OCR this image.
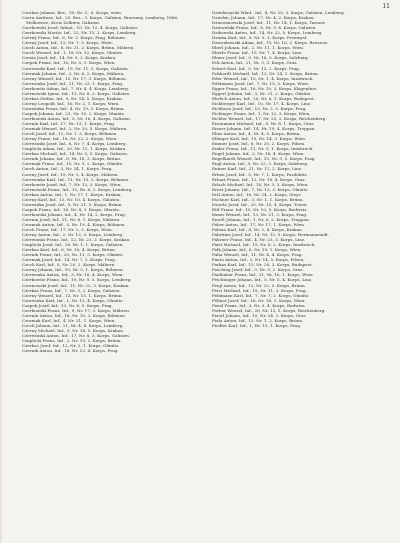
11

Czerkas Johann, Bez., 18, Nr. 3., 6. Korps, wien.

Czern Andreas, Inf., 20. Bez., 3. Korps, Galizien, Brzesany, Lemberg, 1866, Melkowice, Kreis Zolkiew, Galizien.

Czerkowski Josef, Infant., 10, Nr. 12, 4. Korps, Galizien.

Czerkowski Moritz, Inf., 22, Nr. 15, 3. Korps, Lemberg.

Czerný Franz, Inf., 6, Nr. 2. Korps, Prag, Böhmen.

Czerný Josef, Inf., 12, Nr. 7, 3. Korps, Wien.

Czech Anton, Inf., 8, Nr. 21, 2. Korps, Brünn, Mähren.

Czech Wenzel, Inf., 1, 18, Nr. 12, Korps, Olmütz.

Czeiza Josef, Inf., 14, Nr. 9, 2. Korps, Krakau.

Czepek Franz, Inf., 10, Nr. 5, 1. Korps, Wien.

Czerwinski Karl, Inf., 19, Nr. 11, 5. Korps, Galizien.

Czermak Johann, Inf., 3, Nr. 6, 2. Korps, Mähren.

Czerny Wenzel, Inf., 15, Nr. 17, 3. Korps, Böhmen.

Czerwenka Josef, Inf., 11, Nr. 23, 1. Korps, Prag.

Czerkowitz Adam, Inf., 7, Nr. 4, 4. Korps, Lemberg.

Czernowski Ignaz, Inf., 13, Nr. 8, 2. Korps, Galizien.

Czerkas Stefan, Inf., 9, Nr. 14, 5. Korps, Krakau.

Czerny Leopold, Inf., 16, Nr. 2, 1. Korps, Wien.

Czerwinka Franz, Inf., 4, Nr. 19, 3. Korps, Brünn.

Czapek Johann, Inf., 21, Nr. 10, 2. Korps, Olmütz.

Czerkowski Anton, Inf., 5, Nr. 16, 4. Korps, Galizien.

Czernin Karl, Inf., 17, Nr. 13, 1. Korps, Prag.

Czermak Wenzel, Inf., 2, Nr. 20, 5. Korps, Mähren.

Czech Josef, Inf., 12, Nr. 1, 3. Korps, Böhmen.

Czerny Franz, Inf., 18, Nr. 22, 2. Korps, Wien.

Czerwinski Josef, Inf., 6, Nr. 7, 4. Korps, Lemberg.

Czaplicki Adam, Inf., 20, Nr. 11, 1. Korps, Krakau.

Czerkas Michael, Inf., 14, Nr. 5, 5. Korps, Galizien.

Czernik Johann, Inf., 8, Nr. 18, 3. Korps, Brünn.

Czermak Franz, Inf., 10, Nr. 9, 2. Korps, Olmütz.

Czech Anton, Inf., 3, Nr. 24, 1. Korps, Prag.

Czerny Josef, Inf., 19, Nr. 3, 4. Korps, Mähren.

Czerwenka Karl, Inf., 11, Nr. 15, 5. Korps, Böhmen.

Czerkowitz Josef, Inf., 7, Nr. 12, 3. Korps, Wien.

Czernowski Franz, Inf., 15, Nr. 6, 2. Korps, Lemberg.

Czerkas Anton, Inf., 1, Nr. 17, 1. Korps, Krakau.

Czerny Karl, Inf., 13, Nr. 10, 4. Korps, Galizien.

Czerwinka Josef, Inf., 9, Nr. 21, 5. Korps, Brünn.

Czapek Franz, Inf., 16, Nr. 4, 3. Korps, Olmütz.

Czerkowski Johann, Inf., 4, Nr. 14, 2. Korps, Prag.

Czernin Josef, Inf., 21, Nr. 8, 1. Korps, Mähren.

Czermak Anton, Inf., 5, Nr. 19, 4. Korps, Böhmen.

Czech Franz, Inf., 17, Nr. 2, 5. Korps, Wien.

Czerny Anton, Inf., 2, Nr. 13, 3. Korps, Lemberg.

Czerwinski Franz, Inf., 12, Nr. 23, 2. Korps, Krakau.

Czaplicki Josef, Inf., 18, Nr. 1, 1. Korps, Galizien.

Czerkas Karl, Inf., 6, Nr. 16, 4. Korps, Brünn.

Czernik Franz, Inf., 20, Nr. 11, 5. Korps, Olmütz.

Czermak Josef, Inf., 14, Nr. 7, 3. Korps, Prag.

Czech Karl, Inf., 8, Nr. 20, 2. Korps, Mähren.

Czerny Johann, Inf., 10, Nr. 5, 1. Korps, Böhmen.

Czerwenka Anton, Inf., 3, Nr. 18, 4. Korps, Wien.

Czerkowitz Franz, Inf., 19, Nr. 9, 5. Korps, Lemberg.

Czernowski Josef, Inf., 11, Nr. 22, 3. Korps, Krakau.

Czerkas Franz, Inf., 7, Nr. 3, 2. Korps, Galizien.

Czerny Wenzel, Inf., 15, Nr. 15, 1. Korps, Brünn.

Czerwinka Karl, Inf., 1, Nr. 12, 4. Korps, Olmütz.

Czapek Josef, Inf., 13, Nr. 6, 5. Korps, Prag.

Czerkowski Franz, Inf., 9, Nr. 17, 3. Korps, Mähren.

Czernin Anton, Inf., 16, Nr. 10, 2. Korps, Böhmen.

Czermak Karl, Inf., 4, Nr. 21, 1. Korps, Wien.

Czech Johann, Inf., 21, Nr. 4, 4. Korps, Lemberg.

Czerny Michael, Inf., 5, Nr. 14, 5. Korps, Krakau.

Czerwinski Anton, Inf., 17, Nr. 8, 3. Korps, Galizien.

Czaplicki Franz, Inf., 2, Nr. 19, 2. Korps, Brünn.

Czerkas Josef, Inf., 12, Nr. 2, 1. Korps, Olmütz.

Czernik Anton, Inf., 18, Nr. 13, 4. Korps, Prag.

Dzieduszycki Wlad., Inf., 4, Nr. 20, 3. Korps, Galizien, Lemberg.

Dziedzic Johann, Inf., 17, Nr. 4, 2. Korps, Krakau.

Dzierzanowski Josef, Inf., 11, Nr. 14, 1. Korps, Tarnow.

Dziewulski Franz, Inf., 8, Nr. 9, 4. Korps, Galizien.

Dzikowski Anton, Inf., 14, Nr. 22, 5. Korps, Lemberg.

Dziuba Karl, Inf., 6, Nr. 5, 3. Korps, Przemysl.

Dzwonkowski Adam, Inf., 19, Nr. 16, 2. Korps, Rzeszow.

Eberl Johann, Inf., 2, Nr. 11, 1. Korps, Wien.

Eberle Franz, Inf., 15, Nr. 7, 4. Korps, Linz.

Ebner Josef, Inf., 9, Nr. 18, 5. Korps, Salzburg.

Eck Anton, Inf., 21, Nr. 3, 3. Korps, Graz.

Eckert Karl, Inf., 5, Nr. 13, 2. Korps, Prag.

Eckhardt Michael, Inf., 12, Nr. 24, 1. Korps, Brünn.

Eder Wenzel, Inf., 18, Nr. 1, 4. Korps, Innsbruck.

Edelmann Josef, Inf., 7, Nr. 15, 5. Korps, Wien.

Egger Franz, Inf., 16, Nr. 10, 3. Korps, Klagenfurt.

Eggert Johann, Inf., 3, Nr. 21, 2. Korps, Olmütz.

Ehrlich Anton, Inf., 20, Nr. 6, 1. Korps, Budapest.

Eichberger Karl, Inf., 10, Nr. 17, 4. Korps, Linz.

Eichhorn Josef, Inf., 13, Nr. 2, 5. Korps, Prag.

Eichinger Franz, Inf., 1, Nr. 12, 3. Korps, Wien.

Eichler Wenzel, Inf., 17, Nr. 23, 2. Korps, Reichenberg.

Eisenmann Michael, Inf., 8, Nr. 8, 1. Korps, Graz.

Eisner Johann, Inf., 14, Nr. 19, 4. Korps, Troppau.

Elias Anton, Inf., 4, Nr. 4, 5. Korps, Brünn.

Ellinger Karl, Inf., 19, Nr. 14, 3. Korps, Wien.

Emmer Josef, Inf., 6, Nr. 20, 2. Korps, Pilsen.

Ender Franz, Inf., 11, Nr. 9, 1. Korps, Innsbruck.

Engel Johann, Inf., 2, Nr. 16, 4. Korps, Wien.

Engelhardt Wenzel, Inf., 15, Nr. 5, 5. Korps, Prag.

Engl Anton, Inf., 9, Nr. 22, 3. Korps, Salzburg.

Entner Karl, Inf., 21, Nr. 11, 2. Korps, Linz.

Erben Josef, Inf., 5, Nr. 7, 1. Korps, Pardubitz.

Erhart Franz, Inf., 12, Nr. 18, 4. Korps, Graz.

Erlach Michael, Inf., 18, Nr. 3, 5. Korps, Wien.

Ernst Johann, Inf., 7, Nr. 13, 3. Korps, Olmütz.

Ertl Anton, Inf., 16, Nr. 24, 2. Korps, Steyr.

Eschner Karl, Inf., 3, Nr. 1, 1. Korps, Brünn.

Esterle Josef, Inf., 20, Nr. 15, 4. Korps, Trient.

Ettl Franz, Inf., 10, Nr. 10, 5. Korps, Budweis.

Exner Wenzel, Inf., 13, Nr. 21, 3. Korps, Prag.

Eyselt Johann, Inf., 1, Nr. 6, 2. Korps, Troppau.

Faber Anton, Inf., 17, Nr. 17, 1. Korps, Wien.

Fabian Karl, Inf., 8, Nr. 2, 4. Korps, Krakau.

Fabritius Josef, Inf., 14, Nr. 12, 5. Korps, Hermannstadt.

Fahrner Franz, Inf., 4, Nr. 23, 3. Korps, Linz.

Faist Michael, Inf., 19, Nr. 8, 2. Korps, Innsbruck.

Falk Johann, Inf., 6, Nr. 19, 1. Korps, Wien.

Falta Wenzel, Inf., 11, Nr. 4, 4. Korps, Prag.

Fanta Anton, Inf., 2, Nr. 14, 5. Korps, Pilsen.

Farkas Karl, Inf., 15, Nr. 20, 3. Korps, Budapest.

Fasching Josef, Inf., 9, Nr. 9, 2. Korps, Graz.

Faulhaber Franz, Inf., 21, Nr. 16, 1. Korps, Wien.

Feichtinger Johann, Inf., 5, Nr. 5, 4. Korps, Linz.

Feigl Anton, Inf., 12, Nr. 22, 5. Korps, Brünn.

Feist Michael, Inf., 18, Nr. 11, 3. Korps, Prag.

Feldmann Karl, Inf., 7, Nr. 7, 2. Korps, Olmütz.

Fellner Josef, Inf., 16, Nr. 18, 1. Korps, Wien.

Fenzl Franz, Inf., 3, Nr. 3, 4. Korps, Budweis.

Ferber Wenzel, Inf., 20, Nr. 13, 5. Korps, Reichenberg.

Ferstl Johann, Inf., 10, Nr. 24, 3. Korps, Graz.

Fiala Anton, Inf., 13, Nr. 1, 2. Korps, Brünn.

Fiedler Karl, Inf., 1, Nr. 15, 1. Korps, Prag.
